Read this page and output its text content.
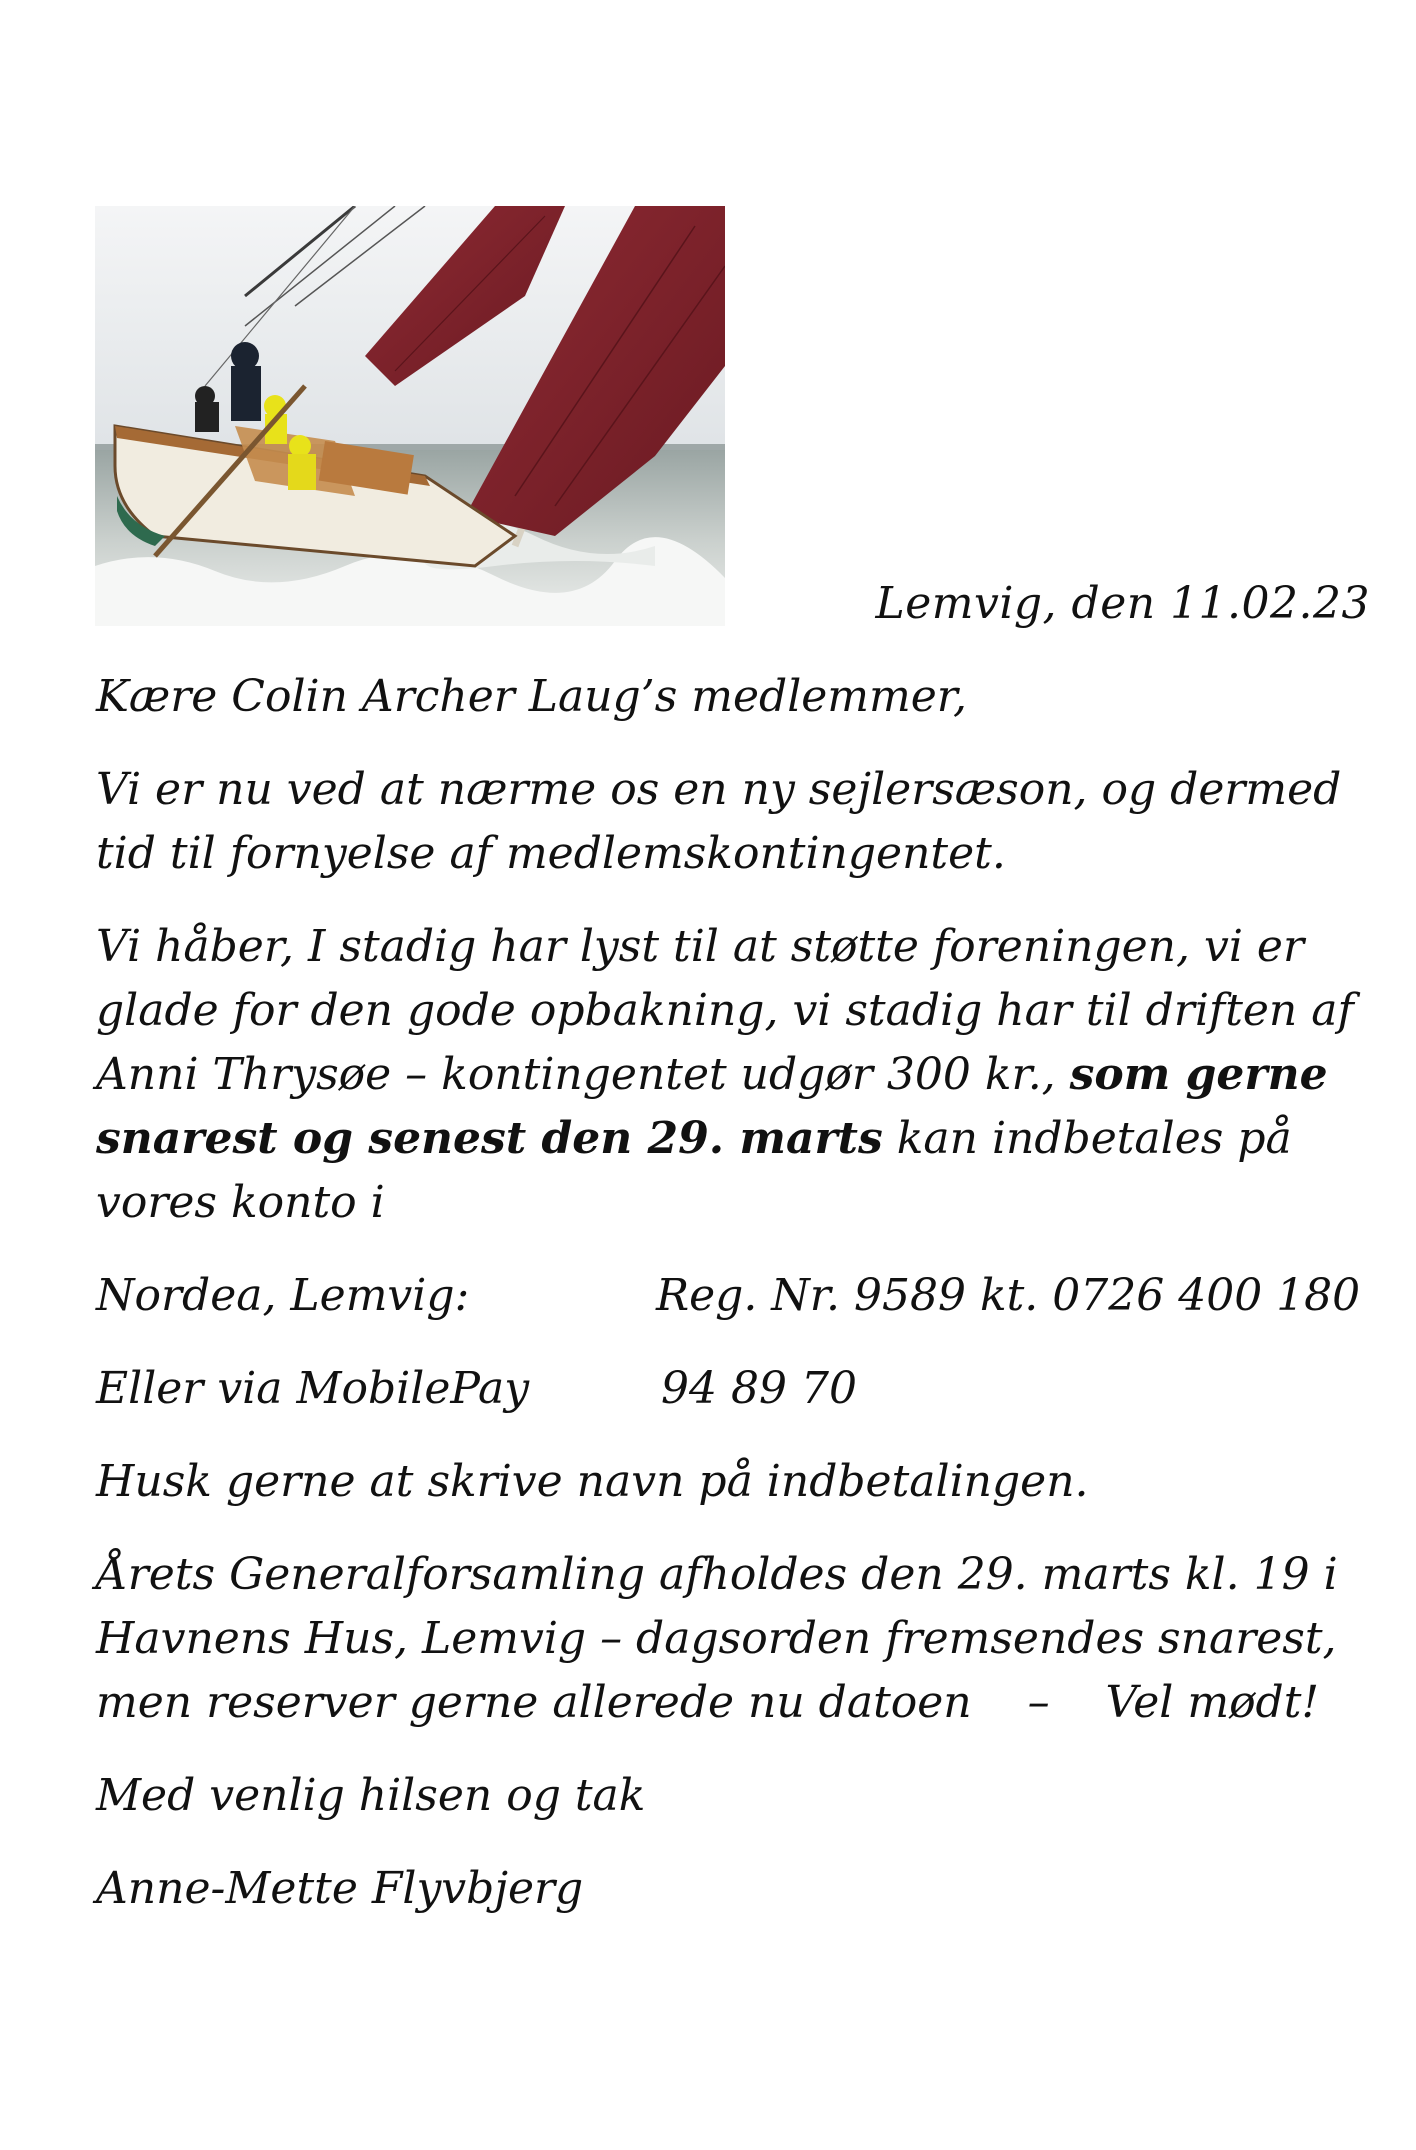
Lemvig, den 11.02.23

Kære Colin Archer Laug’s medlemmer,

Vi er nu ved at nærme os en ny sejlersæson, og dermed tid til fornyelse af medlemskontingentet.

Vi håber, I stadig har lyst til at støtte foreningen, vi er glade for den gode opbakning, vi stadig har til driften af Anni Thrysøe – kontingentet udgør 300 kr., som gerne snarest og senest den 29. marts kan indbetales på vores konto i

Nordea, Lemvig:	Reg. Nr. 9589 kt. 0726 400 180
Eller via MobilePay	94 89 70

Husk gerne at skrive navn på indbetalingen.

Årets Generalforsamling afholdes den 29. marts kl. 19 i Havnens Hus, Lemvig – dagsorden fremsendes snarest, men reserver gerne allerede nu datoen    –    Vel mødt!

Med venlig hilsen og tak

Anne-Mette Flyvbjerg
